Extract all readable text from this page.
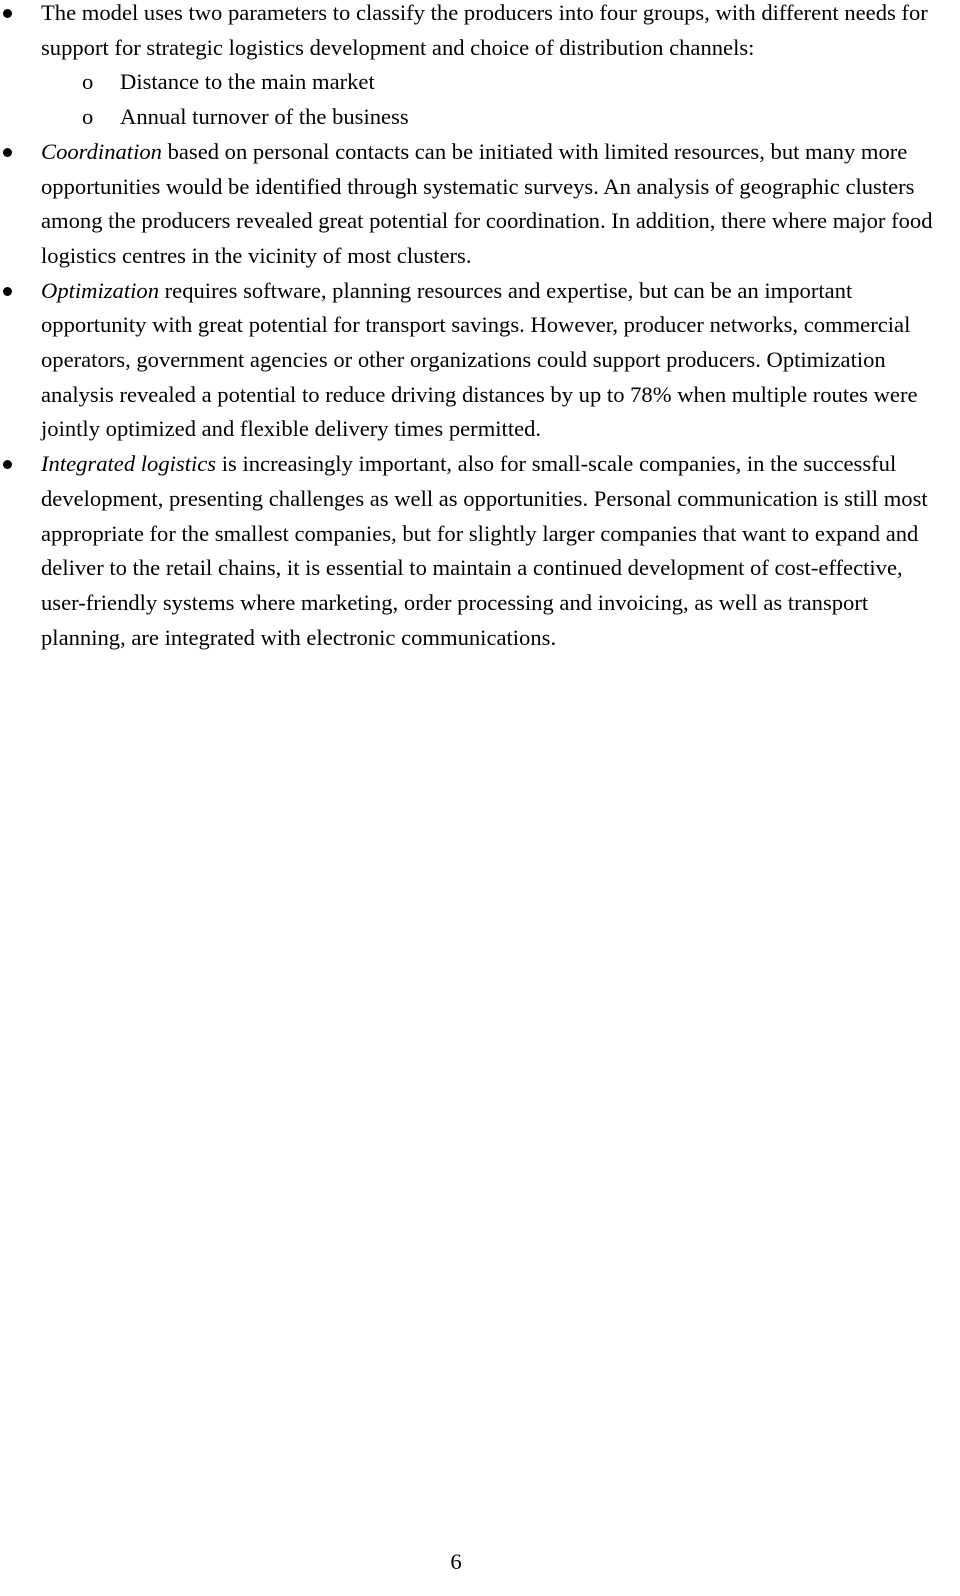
The model uses two parameters to classify the producers into four groups, with different needs for support for strategic logistics development and choice of distribution channels:
o Distance to the main market
o Annual turnover of the business
Coordination based on personal contacts can be initiated with limited resources, but many more opportunities would be identified through systematic surveys. An analysis of geographic clusters among the producers revealed great potential for coordination. In addition, there where major food logistics centres in the vicinity of most clusters.
Optimization requires software, planning resources and expertise, but can be an important opportunity with great potential for transport savings. However, producer networks, commercial operators, government agencies or other organizations could support producers. Optimization analysis revealed a potential to reduce driving distances by up to 78% when multiple routes were jointly optimized and flexible delivery times permitted.
Integrated logistics is increasingly important, also for small-scale companies, in the successful development, presenting challenges as well as opportunities. Personal communication is still most appropriate for the smallest companies, but for slightly larger companies that want to expand and deliver to the retail chains, it is essential to maintain a continued development of cost-effective, user-friendly systems where marketing, order processing and invoicing, as well as transport planning, are integrated with electronic communications.
6
